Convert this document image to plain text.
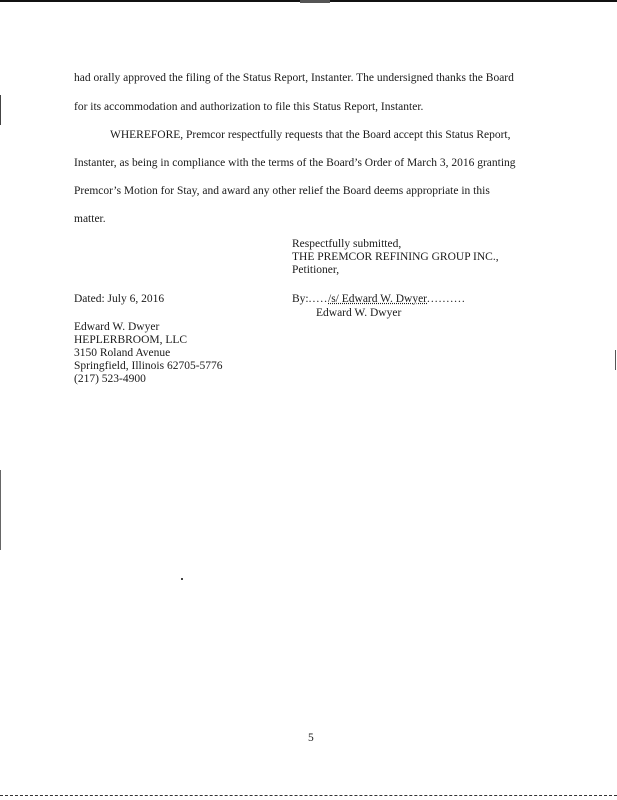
had orally approved the filing of the Status Report, Instanter. The undersigned thanks the Board
for its accommodation and authorization to file this Status Report, Instanter.
WHEREFORE, Premcor respectfully requests that the Board accept this Status Report,
Instanter, as being in compliance with the terms of the Board’s Order of March 3, 2016 granting
Premcor’s Motion for Stay, and award any other relief the Board deems appropriate in this
matter.
Respectfully submitted,
THE PREMCOR REFINING GROUP INC.,
Petitioner,
Dated: July 6, 2016	By:...../s/ Edward W. Dwyer..........
Edward W. Dwyer
Edward W. Dwyer
HEPLERBROOM, LLC
3150 Roland Avenue
Springfield, Illinois 62705-5776
(217) 523-4900
5
